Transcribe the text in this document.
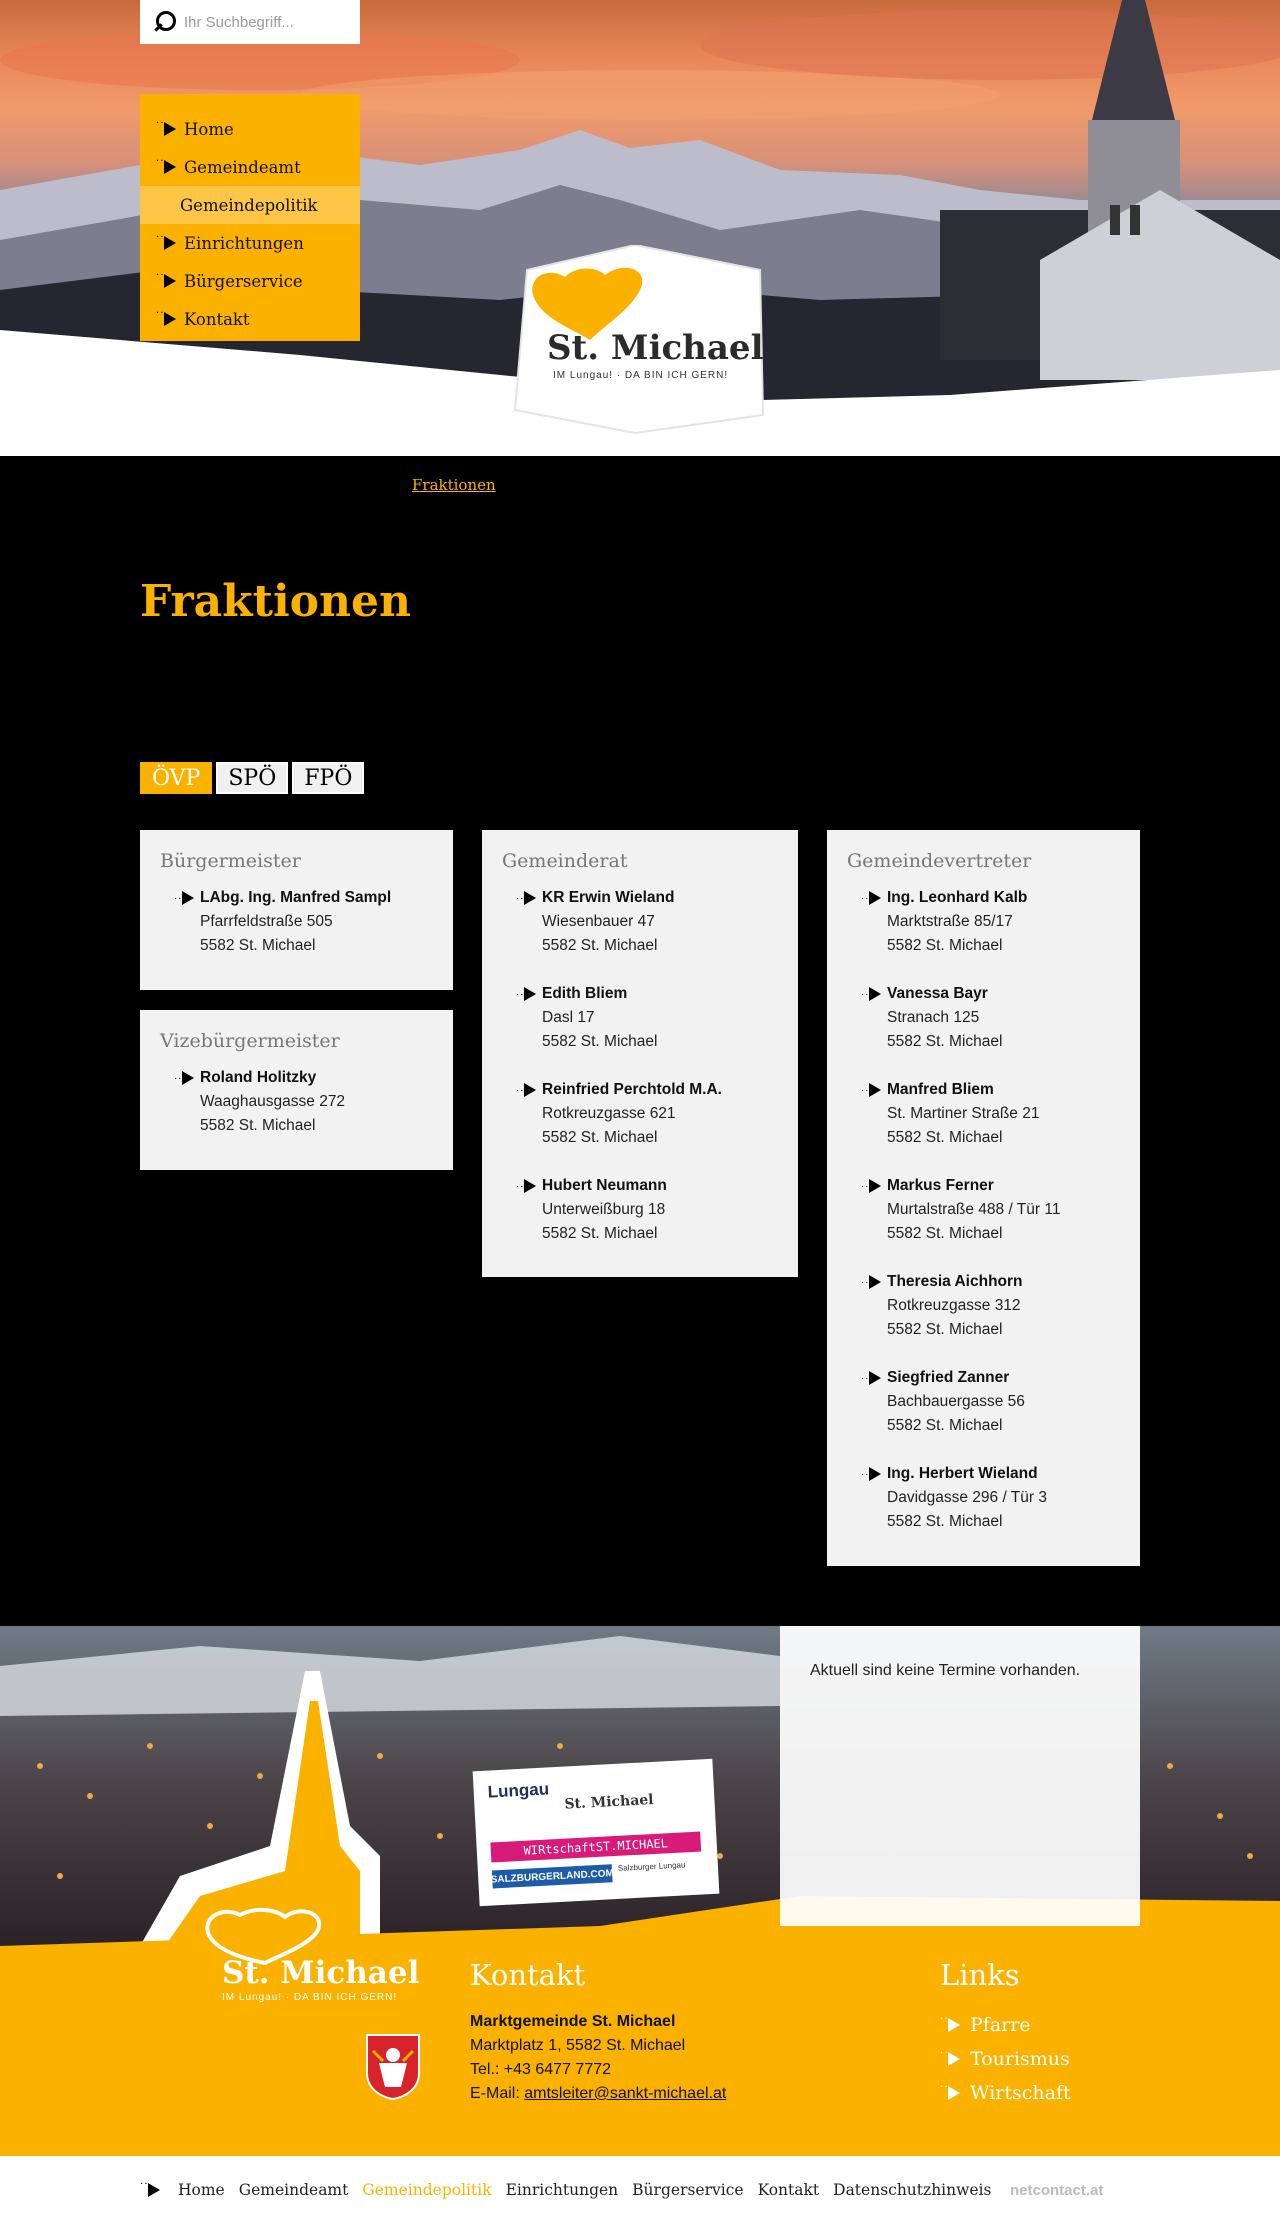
Ihr Suchbegriff...
· ·
Home
· ·
Gemeindeamt
Gemeindepolitik
· ·
Einrichtungen
· ·
Bürgerservice
· ·
Kontakt
St. Michael
IM Lungau! · DA BIN ICH GERN!
Fraktionen
Fraktionen
ÖVP	SPÖ	FPÖ
Bürgermeister
· ·
LAbg. Ing. Manfred Sampl
Pfarrfeldstraße 505
5582 St. Michael
Vizebürgermeister
· ·
Roland Holitzky
Waaghausgasse 272
5582 St. Michael
Gemeinderat
· ·
KR Erwin Wieland
Wiesenbauer 47
5582 St. Michael
· ·
Edith Bliem
Dasl 17
5582 St. Michael
· ·
Reinfried Perchtold M.A.
Rotkreuzgasse 621
5582 St. Michael
· ·
Hubert Neumann
Unterweißburg 18
5582 St. Michael
Gemeindevertreter
· ·
Ing. Leonhard Kalb
Marktstraße 85/17
5582 St. Michael
· ·
Vanessa Bayr
Stranach 125
5582 St. Michael
· ·
Manfred Bliem
St. Martiner Straße 21
5582 St. Michael
· ·
Markus Ferner
Murtalstraße 488 / Tür 11
5582 St. Michael
· ·
Theresia Aichhorn
Rotkreuzgasse 312
5582 St. Michael
· ·
Siegfried Zanner
Bachbauergasse 56
5582 St. Michael
· ·
Ing. Herbert Wieland
Davidgasse 296 / Tür 3
5582 St. Michael
Lungau
St. Michael
WIRtschaftST.MICHAEL
SALZBURGERLAND.COM
Salzburger Lungau

Aktuell sind keine Termine vorhanden.

St. Michael
IM Lungau! · DA BIN ICH GERN!
Kontakt
Marktgemeinde St. Michael
Marktplatz 1, 5582 St. Michael
Tel.: +43 6477 7772
E-Mail: amtsleiter@sankt-michael.at
Links
· ·
Pfarre
· ·
Tourismus
· ·
Wirtschaft
· ·
Home Gemeindeamt Gemeindepolitik Einrichtungen Bürgerservice Kontakt Datenschutzhinweis netcontact.at
